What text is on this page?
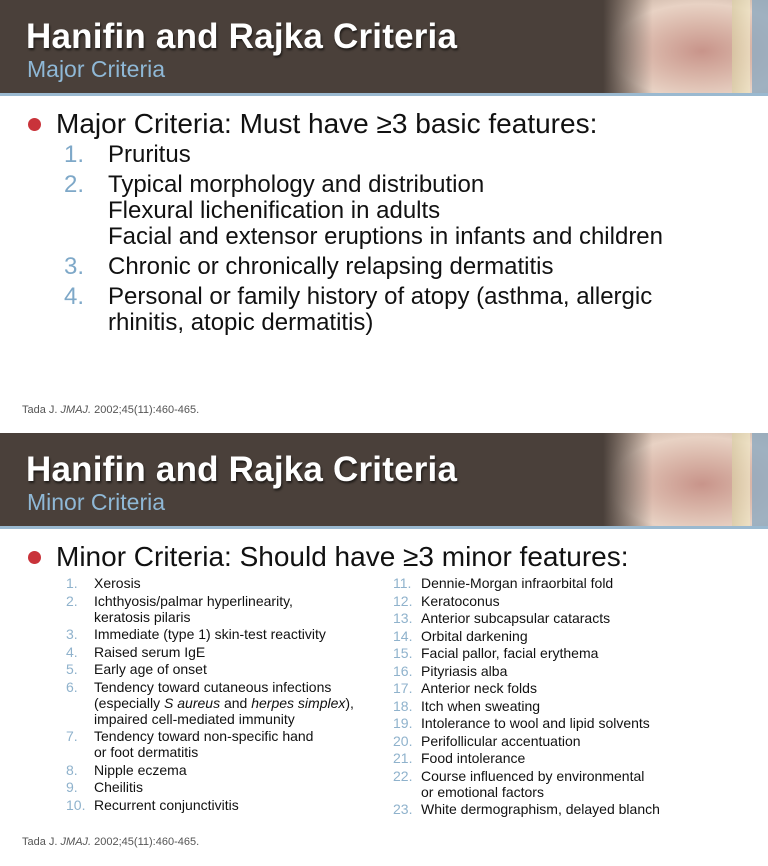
Hanifin and Rajka Criteria
Major Criteria
Major Criteria: Must have ≥3 basic features:
1. Pruritus
2. Typical morphology and distribution
Flexural lichenification in adults
Facial and extensor eruptions in infants and children
3. Chronic or chronically relapsing dermatitis
4. Personal or family history of atopy (asthma, allergic
rhinitis, atopic dermatitis)
Tada J. JMAJ. 2002;45(11):460-465.
Hanifin and Rajka Criteria
Minor Criteria
Minor Criteria: Should have ≥3 minor features:
1.	Xerosis
2.	Ichthyosis/palmar hyperlinearity,
keratosis pilaris
3.	Immediate (type 1) skin-test reactivity
4.	Raised serum IgE
5.	Early age of onset
6.	Tendency toward cutaneous infections
(especially S aureus and herpes simplex),
impaired cell-mediated immunity
7.	Tendency toward non-specific hand
or foot dermatitis
8.	Nipple eczema
9.	Cheilitis
10. Recurrent conjunctivitis
11. Dennie-Morgan infraorbital fold
12. Keratoconus
13. Anterior subcapsular cataracts
14. Orbital darkening
15. Facial pallor, facial erythema
16. Pityriasis alba
17. Anterior neck folds
18. Itch when sweating
19. Intolerance to wool and lipid solvents
20. Perifollicular accentuation
21. Food intolerance
22. Course influenced by environmental
or emotional factors
23. White dermographism, delayed blanch
Tada J. JMAJ. 2002;45(11):460-465.
